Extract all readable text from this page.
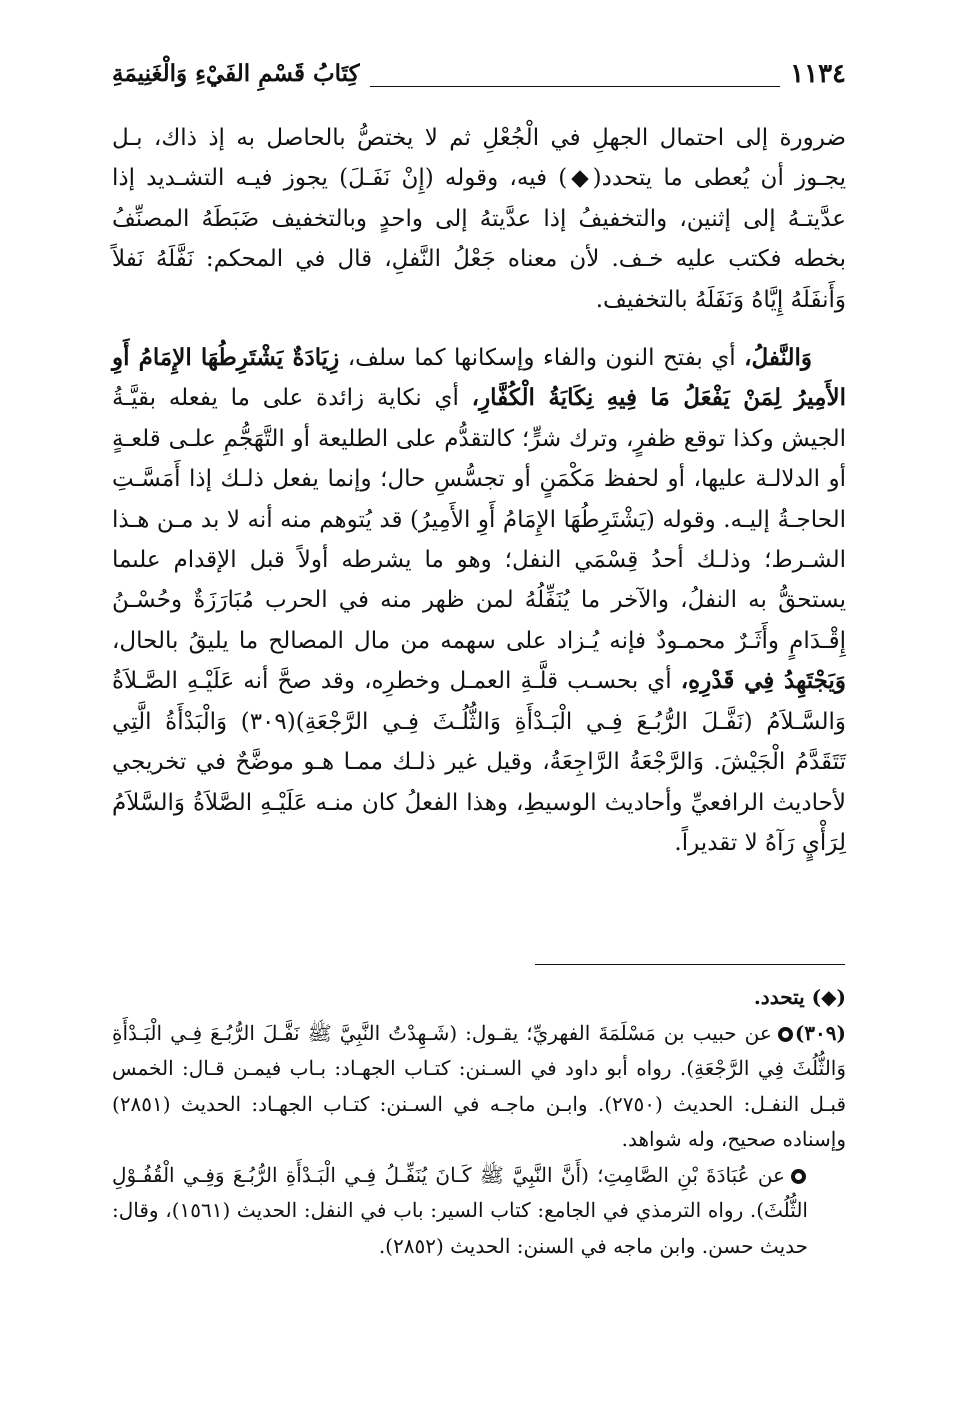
١١٣٤
كِتَابُ قَسْمِ الفَيْءِ وَالْغَنِيمَةِ

ضرورة إلى احتمال الجهلِ في الْجُعْلِ ثم لا يختصُّ بالحاصل به إذ ذاك، بـل يجـوز أن يُعطى ما يتحدد(◆) فيه، وقوله (إِنْ نَفَـلَ) يجوز فيـه التشـديد إذا عدَّيتـهُ إلى إثنين، والتخفيفُ إذا عدَّيتهُ إلى واحدٍ وبالتخفيف ضَبَطَهُ المصنِّفُ بخطه فكتب عليه خـف. لأن معناه جَعْلُ النَّفلِ، قال في المحكم: نَفَّلَهُ نَفلاً وَأَنفَلَهُ إِيَّاهُ وَنَفَلَهُ بالتخفيف.

وَالنَّفلُ، أي بفتح النون والفاء وإسكانها كما سلف، زِيَادَةٌ يَشْتَرِطُهَا الإِمَامُ أَوِ الأَمِيرُ لِمَنْ يَفْعَلُ مَا فِيهِ نِكَايَةُ الْكُفَّارِ، أي نكاية زائدة على ما يفعله بقيَّـةُ الجيش وكذا توقع ظفرٍ، وترك شرٍّ؛ كالتقدُّم على الطليعة أو التَّهَجُّمِ علـى قلعـةٍ أو الدلالـة عليها، أو لحفظ مَكْمَنٍ أو تجسُّسِ حال؛ وإنما يفعل ذلـك إذا أَمَسَّـتِ الحاجـةُ إليـه. وقوله (يَشْتَرِطُهَا الإِمَامُ أَوِ الأَمِيرُ) قد يُتوهم منه أنه لا بد مـن هـذا الشـرط؛ وذلـك أحدُ قِسْمَي النفل؛ وهو ما يشرطه أولاً قبل الإقدام علىما يستحقُّ به النفلُ، والآخر ما يُنَفِّلُهُ لمن ظهر منه في الحرب مُبَارَزَةٌ وحُسْـنُ إِقْـدَامٍ وأَثَـرٌ محمـودٌ فإنه يُـزاد على سهمه من مال المصالح ما يليقُ بالحال، وَيَجْتَهِدُ فِي قَدْرِهِ، أي بحسـب قلَّـةِ العمـل وخطرِه، وقد صحَّ أنه عَلَيْـهِ الصَّـلاَةُ وَالسَّـلاَمُ (نَفَّـلَ الرُّبُـعَ فِـي الْبَـدْأَةِ وَالثُّلُـثَ فِـي الرَّجْعَةِ)(٣٠٩) وَالْبَدْأَةُ الَّتِي تَتَقَدَّمُ الْجَيْشَ. وَالرَّجْعَةُ الرَّاجِعَةُ، وقيل غير ذلـك ممـا هـو موضَّحٌ في تخريجي لأحاديث الرافعيِّ وأحاديث الوسيطِ، وهذا الفعلُ كان منـه عَلَيْـهِ الصَّلاَةُ وَالسَّلاَمُ لِرَأْيٍ رَآهُ لا تقديراً.

(◆) يتحدد.

(٣٠٩)عن حبيب بن مَسْلَمَةَ الفهريِّ؛ يقـول: (شَـهِدْتُ النَّبِيَّ ﷺ نَفَّـلَ الرُّبُـعَ فِـي الْبَـدْأَةِ وَالثُّلُثَ فِي الرَّجْعَةِ). رواه أبو داود في السـنن: كتـاب الجهـاد: بـاب فيمـن قـال: الخمس قبـل النفـل: الحديث (٢٧٥٠). وابـن ماجـه في السـنن: كتـاب الجهـاد: الحديث (٢٨٥١) وإسناده صحيح، وله شواهد.

عن عُبَادَةَ بْنِ الصَّامِتِ؛ (أَنَّ النَّبِيَّ ﷺ كَـانَ يُنَفِّـلُ فِـي الْبَـدْأَةِ الرُّبُـعَ وَفِـي الْقُفُـوْلِ الثُّلُثَ). رواه الترمذي في الجامع: كتاب السير: باب في النفل: الحديث (١٥٦١)، وقال: حديث حسن. وابن ماجه في السنن: الحديث (٢٨٥٢).
